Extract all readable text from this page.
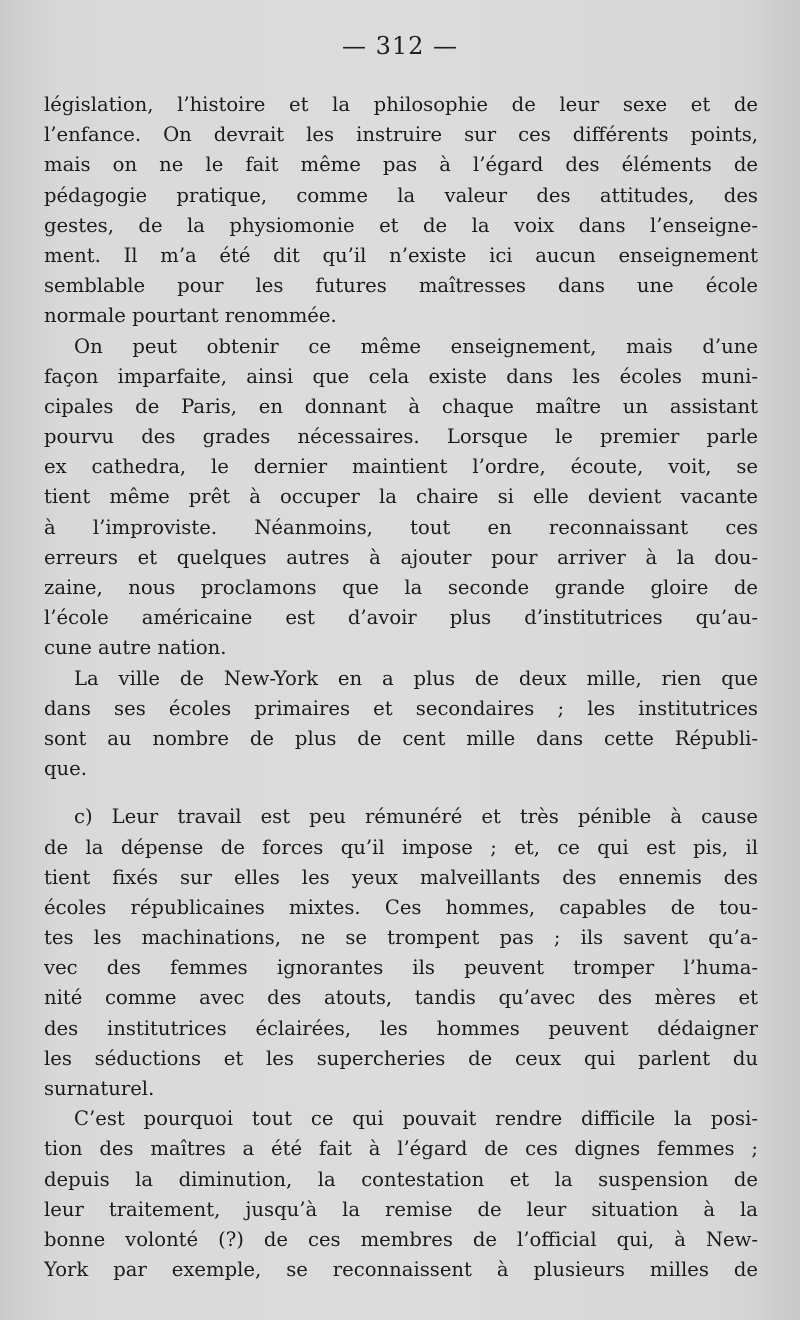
— 312 —
législation, l’histoire et la philosophie de leur sexe et de
l’enfance. On devrait les instruire sur ces différents points,
mais on ne le fait même pas à l’égard des éléments de
pédagogie pratique, comme la valeur des attitudes, des
gestes, de la physiomonie et de la voix dans l’enseigne-
ment. Il m’a été dit qu’il n’existe ici aucun enseignement
semblable pour les futures maîtresses dans une école
normale pourtant renommée.
On peut obtenir ce même enseignement, mais d’une
façon imparfaite, ainsi que cela existe dans les écoles muni-
cipales de Paris, en donnant à chaque maître un assistant
pourvu des grades nécessaires. Lorsque le premier parle
ex cathedra, le dernier maintient l’ordre, écoute, voit, se
tient même prêt à occuper la chaire si elle devient vacante
à l’improviste. Néanmoins, tout en reconnaissant ces
erreurs et quelques autres à ajouter pour arriver à la dou-
zaine, nous proclamons que la seconde grande gloire de
l’école américaine est d’avoir plus d’institutrices qu’au-
cune autre nation.
La ville de New-York en a plus de deux mille, rien que
dans ses écoles primaires et secondaires ; les institutrices
sont au nombre de plus de cent mille dans cette Républi-
que.
c) Leur travail est peu rémunéré et très pénible à cause
de la dépense de forces qu’il impose ; et, ce qui est pis, il
tient fixés sur elles les yeux malveillants des ennemis des
écoles républicaines mixtes. Ces hommes, capables de tou-
tes les machinations, ne se trompent pas ; ils savent qu’a-
vec des femmes ignorantes ils peuvent tromper l’huma-
nité comme avec des atouts, tandis qu’avec des mères et
des institutrices éclairées, les hommes peuvent dédaigner
les séductions et les supercheries de ceux qui parlent du
surnaturel.
C’est pourquoi tout ce qui pouvait rendre difficile la posi-
tion des maîtres a été fait à l’égard de ces dignes femmes ;
depuis la diminution, la contestation et la suspension de
leur traitement, jusqu’à la remise de leur situation à la
bonne volonté (?) de ces membres de l’official qui, à New-
York par exemple, se reconnaissent à plusieurs milles de
